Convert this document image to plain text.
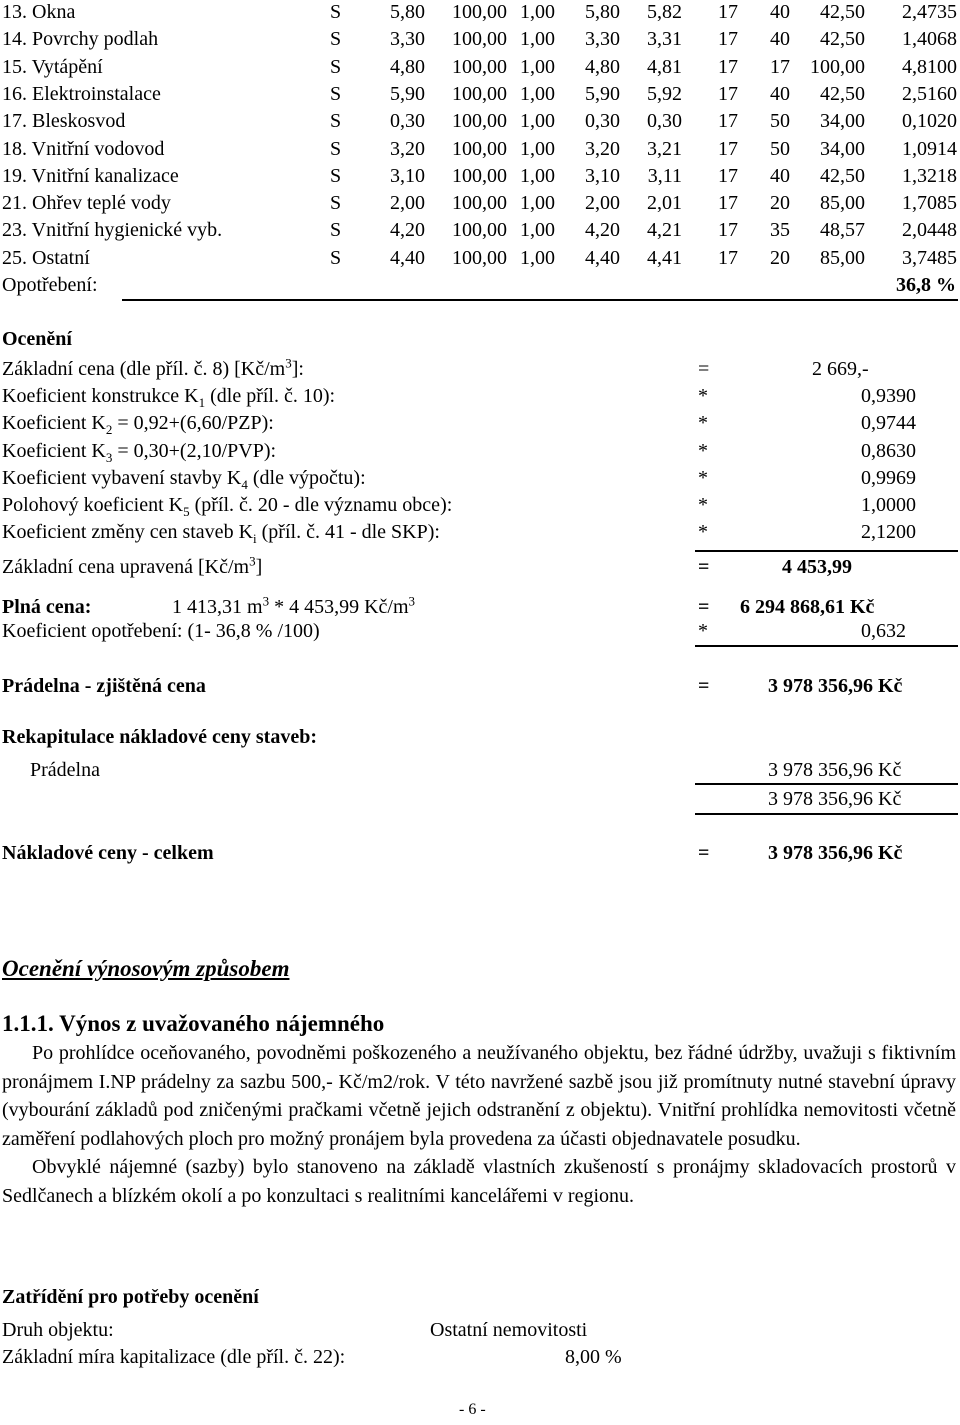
13. Okna	S	5,80	100,00 1,00	5,80	5,82	17	40	42,50	2,4735
14. Povrchy podlah	S	3,30	100,00 1,00	3,30	3,31	17	40	42,50	1,4068
15. Vytápění	S	4,80	100,00 1,00	4,80	4,81	17	17	100,00	4,8100
16. Elektroinstalace	S	5,90	100,00 1,00	5,90	5,92	17	40	42,50	2,5160
17. Bleskosvod	S	0,30	100,00 1,00	0,30	0,30	17	50	34,00	0,1020
18. Vnitřní vodovod	S	3,20	100,00 1,00	3,20	3,21	17	50	34,00	1,0914
19. Vnitřní kanalizace	S	3,10	100,00 1,00	3,10	3,11	17	40	42,50	1,3218
21. Ohřev teplé vody	S	2,00	100,00 1,00	2,00	2,01	17	20	85,00	1,7085
23. Vnitřní hygienické vyb.	S	4,20	100,00 1,00	4,20	4,21	17	35	48,57	2,0448
25. Ostatní	S	4,40	100,00 1,00	4,40	4,41	17	20	85,00	3,7485
Opotřebení:	36,8 %
Ocenění
Základní cena (dle příl. č. 8) $[Kč/m^3]$:	=	2 669,-
Koeficient konstrukce $K_1$ (dle příl. č. 10):	*	0,9390
Koeficient $K_2 = 0,92+(6,60/PZP)$:	*	0,9744
Koeficient $K_3 = 0,30+(2,10/PVP)$:	*	0,8630
Koeficient vybavení stavby $K_4$ (dle výpočtu):	*	0,9969
Polohový koeficient $K_5$ (příl. č. 20 - dle významu obce):	*	1,0000
Koeficient změny cen staveb $K_i$ (příl. č. 41 - dle SKP):	*	2,1200
Základní cena upravená $[Kč/m^3]$	=	4 453,99
Plná cena:	1 413,31 $m^3 * 4$ 453,99 $Kč/m^3$	= 6 294 868,61 Kč
Koeficient opotřebení: (1- 36,8 % /100)	*	0,632
Prádelna - zjištěná cena	=	3 978 356,96 Kč
Rekapitulace nákladové ceny staveb:
Prádelna	3 978 356,96 Kč
3 978 356,96 Kč
Nákladové ceny - celkem	=	3 978 356,96 Kč
Ocenění výnosovým způsobem
1.1.1. Výnos z uvažovaného nájemného

Po prohlídce oceňovaného, povodněmi poškozeného a neužívaného objektu, bez řádné údržby, uvažuji s fiktivním pronájmem I.NP prádelny za sazbu 500,- Kč/m2/rok. V této navržené sazbě jsou již promítnuty nutné stavební úpravy (vybourání základů pod zničenými pračkami včetně jejich odstranění z objektu). Vnitřní prohlídka nemovitosti včetně zaměření podlahových ploch pro možný pronájem byla provedena za účasti objednavatele posudku.

Obvyklé nájemné (sazby) bylo stanoveno na základě vlastních zkušeností s pronájmy skladovacích prostorů v Sedlčanech a blízkém okolí a po konzultaci s realitními kancelářemi v regionu.

Zatřídění pro potřeby ocenění
Druh objektu:	Ostatní nemovitosti
Základní míra kapitalizace (dle příl. č. 22):	8,00 %
- 6 -
